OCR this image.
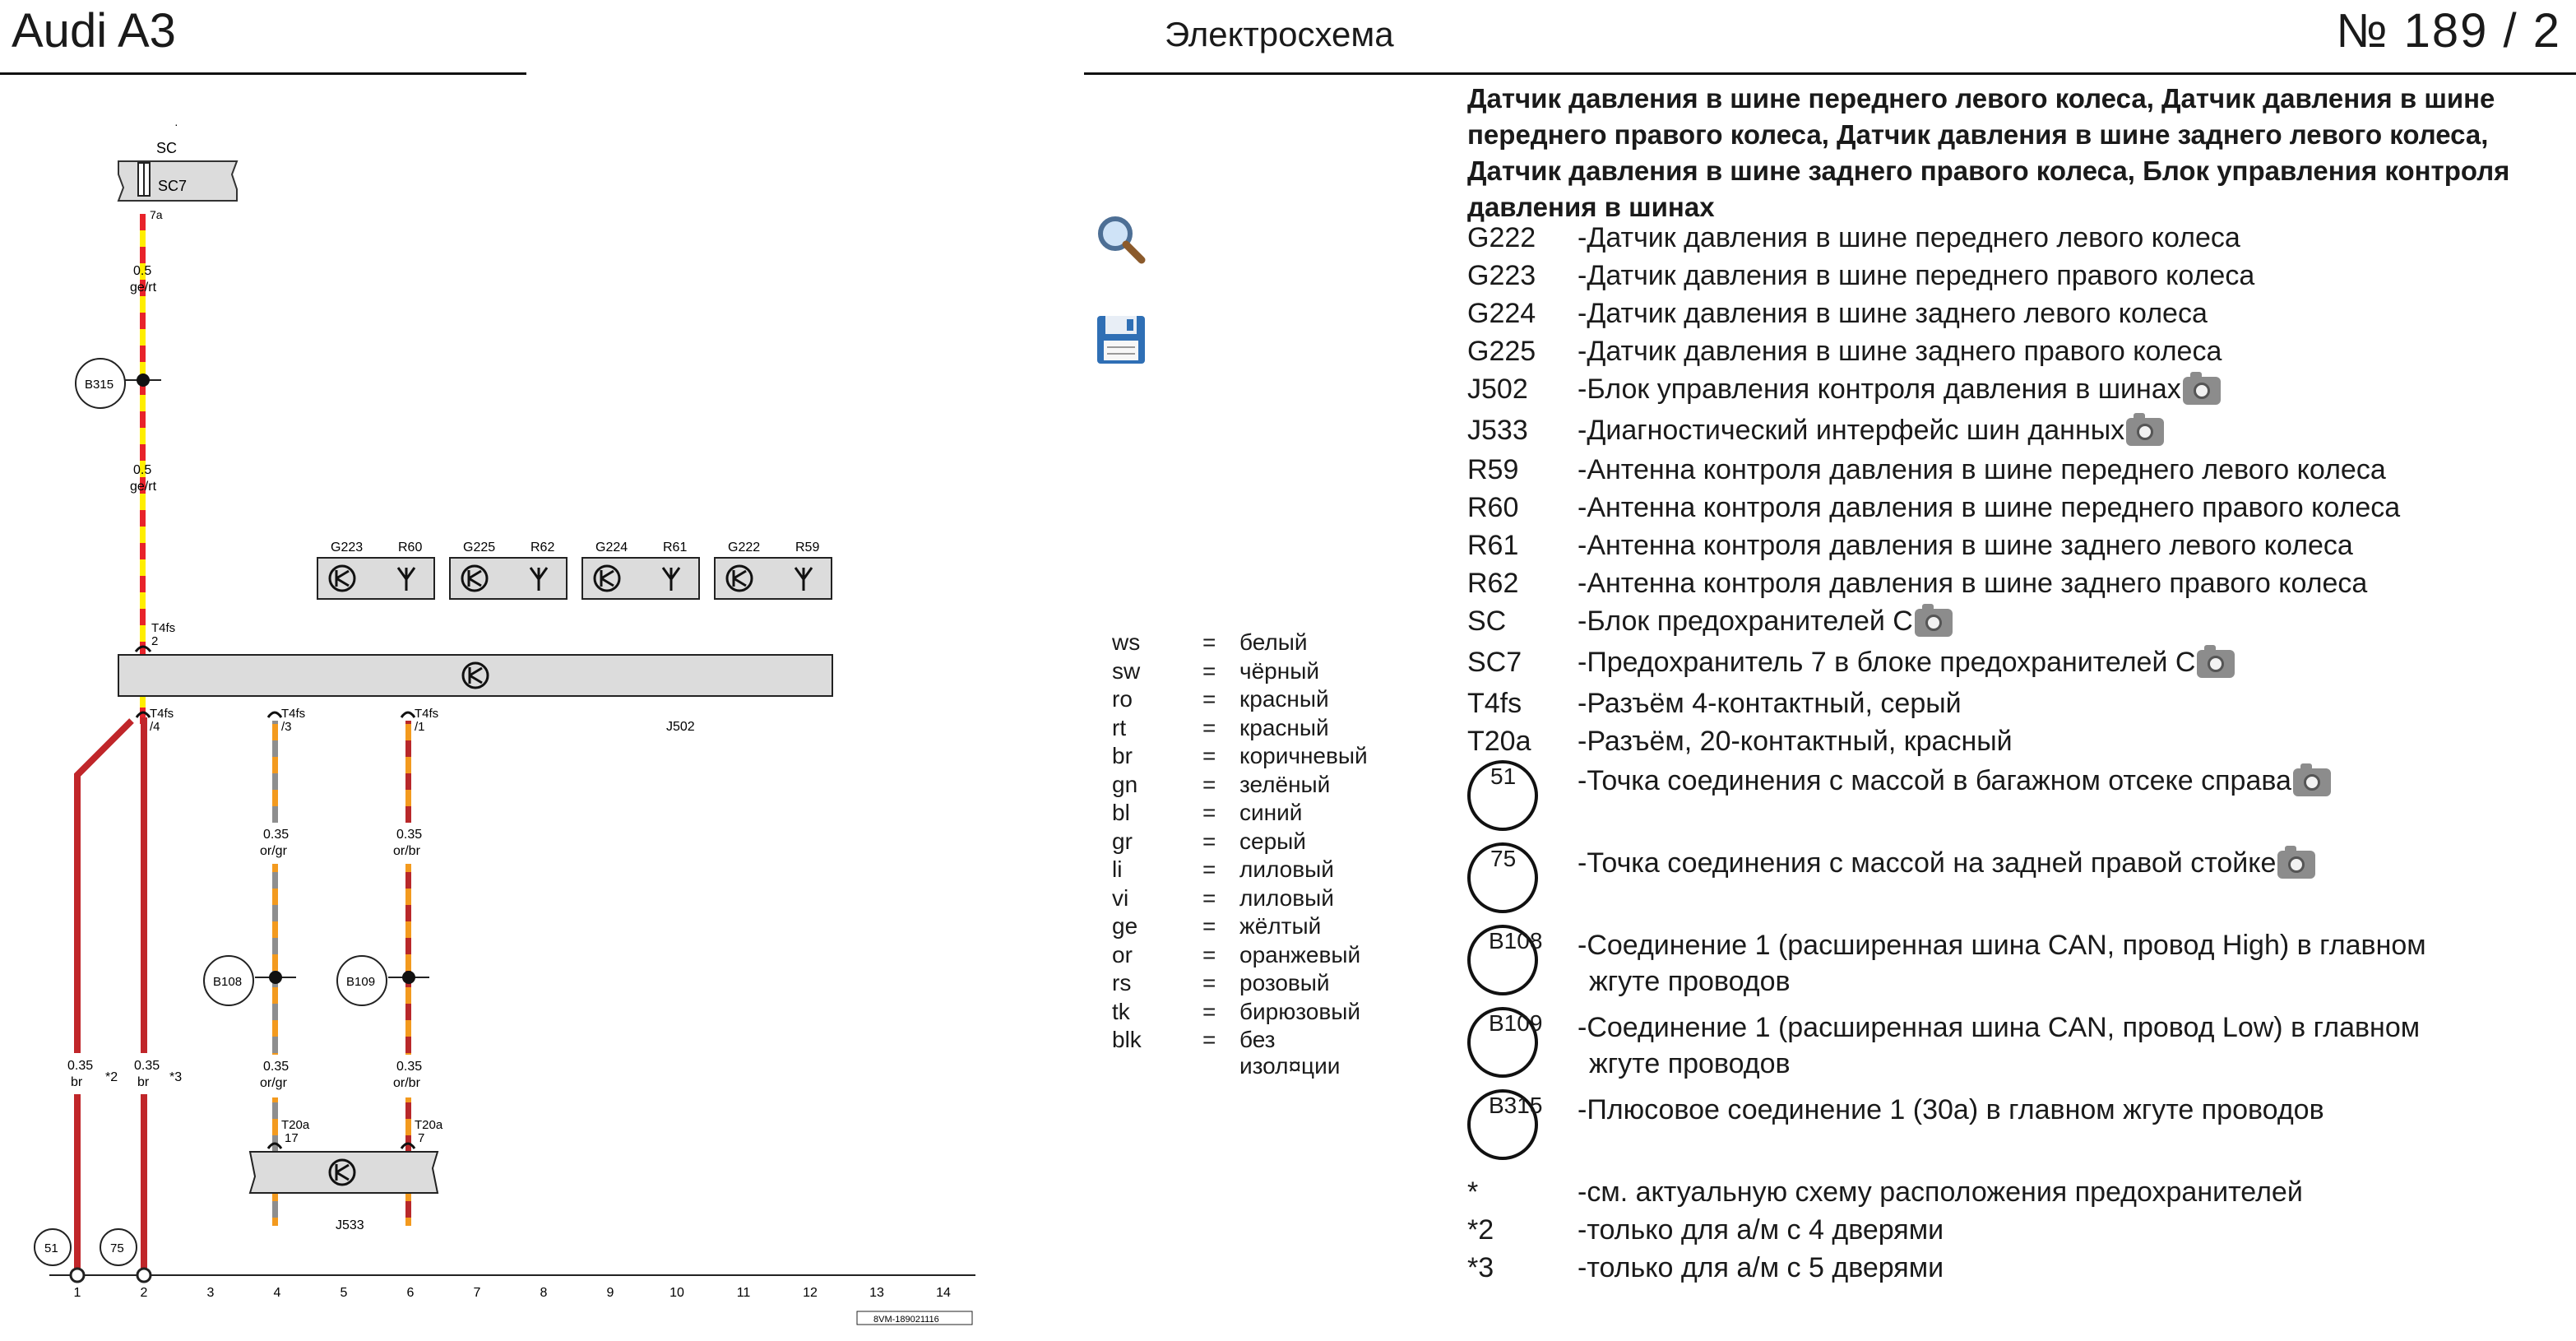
Audi A3	Электросхема	№ 189 / 2
·
SC
SC7
7a
0.5
ge/rt
B315
0.5
ge/rt
G223	R60	G225	R62	G224	R61	G222	R59
T4fs
2
J502
T4fs
/4
T4fs
/3
T4fs
/1
0.35
br
0.35
br
*2	*3
0.35
or/gr
0.35
or/br
B108	B109
0.35
or/gr
0.35
or/br
T20a
17
T20a
7
J533
51	75
1	2	3	4	5	6	7	8	9	10	11	12	13	14
8VM-189021116
ws	= белый
sw	= чёрный
ro	= красный
rt	= красный
br	= коричневый
gn	= зелёный
bl	= синий
gr	= серый
li	= лиловый
vi	= лиловый
ge	= жёлтый
or	= оранжевый
rs	= розовый
tk	= бирюзовый
blk	= без изол¤ции
Датчик давления в шине переднего левого колеса, Датчик давления в шине переднего правого колеса, Датчик давления в шине заднего левого колеса, Датчик давления в шине заднего правого колеса, Блок управления контроля давления в шинах
G222 -Датчик давления в шине переднего левого колеса
G223 -Датчик давления в шине переднего правого колеса
G224 -Датчик давления в шине заднего левого колеса
G225 -Датчик давления в шине заднего правого колеса
J502 -Блок управления контроля давления в шинах
J533 -Диагностический интерфейс шин данных
R59 -Антенна контроля давления в шине переднего левого колеса
R60 -Антенна контроля давления в шине переднего правого колеса
R61 -Антенна контроля давления в шине заднего левого колеса
R62 -Антенна контроля давления в шине заднего правого колеса
SC	-Блок предохранителей C
SC7 -Предохранитель 7 в блоке предохранителей C
T4fs -Разъём 4-контактный, серый
T20a -Разъём, 20-контактный, красный
51 -Точка соединения с массой в багажном отсеке справа
75 -Точка соединения с массой на задней правой стойке
B108 -Соединение 1 (расширенная шина CAN, провод High) в главном
жгуте проводов
B109 -Соединение 1 (расширенная шина CAN, провод Low) в главном
жгуте проводов
B315 -Плюсовое соединение 1 (30a) в главном жгуте проводов
*	-см. актуальную схему расположения предохранителей
*2	-только для а/м с 4 дверями
*3	-только для а/м с 5 дверями
